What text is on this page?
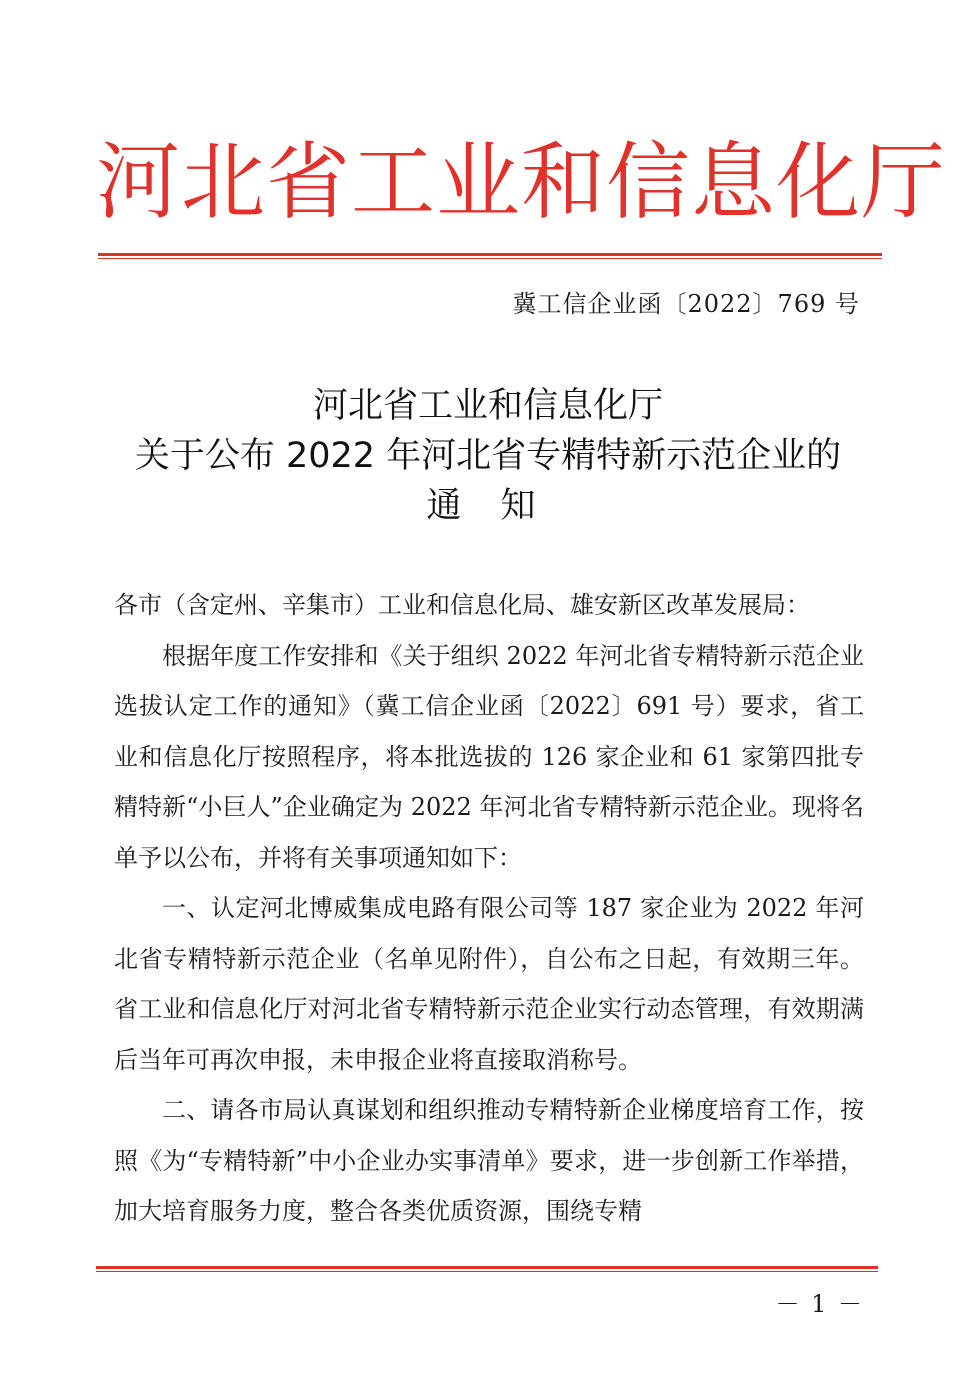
河北省工业和信息化厅
冀工信企业函〔2022〕769 号
河北省工业和信息化厅
关于公布 2022 年河北省专精特新示范企业的
通 知

各市（含定州、辛集市）工业和信息化局、雄安新区改革发展局：

根据年度工作安排和《关于组织 2022 年河北省专精特新示范企业选拔认定工作的通知》（冀工信企业函〔2022〕691 号）要求，省工业和信息化厅按照程序，将本批选拔的 126 家企业和 61 家第四批专精特新“小巨人”企业确定为 2022 年河北省专精特新示范企业。现将名单予以公布，并将有关事项通知如下：

一、认定河北博威集成电路有限公司等 187 家企业为 2022 年河北省专精特新示范企业（名单见附件），自公布之日起，有效期三年。省工业和信息化厅对河北省专精特新示范企业实行动态管理，有效期满后当年可再次申报，未申报企业将直接取消称号。

二、请各市局认真谋划和组织推动专精特新企业梯度培育工作，按照《为“专精特新”中小企业办实事清单》要求，进一步创新工作举措，加大培育服务力度，整合各类优质资源，围绕专精

－ 1 －
